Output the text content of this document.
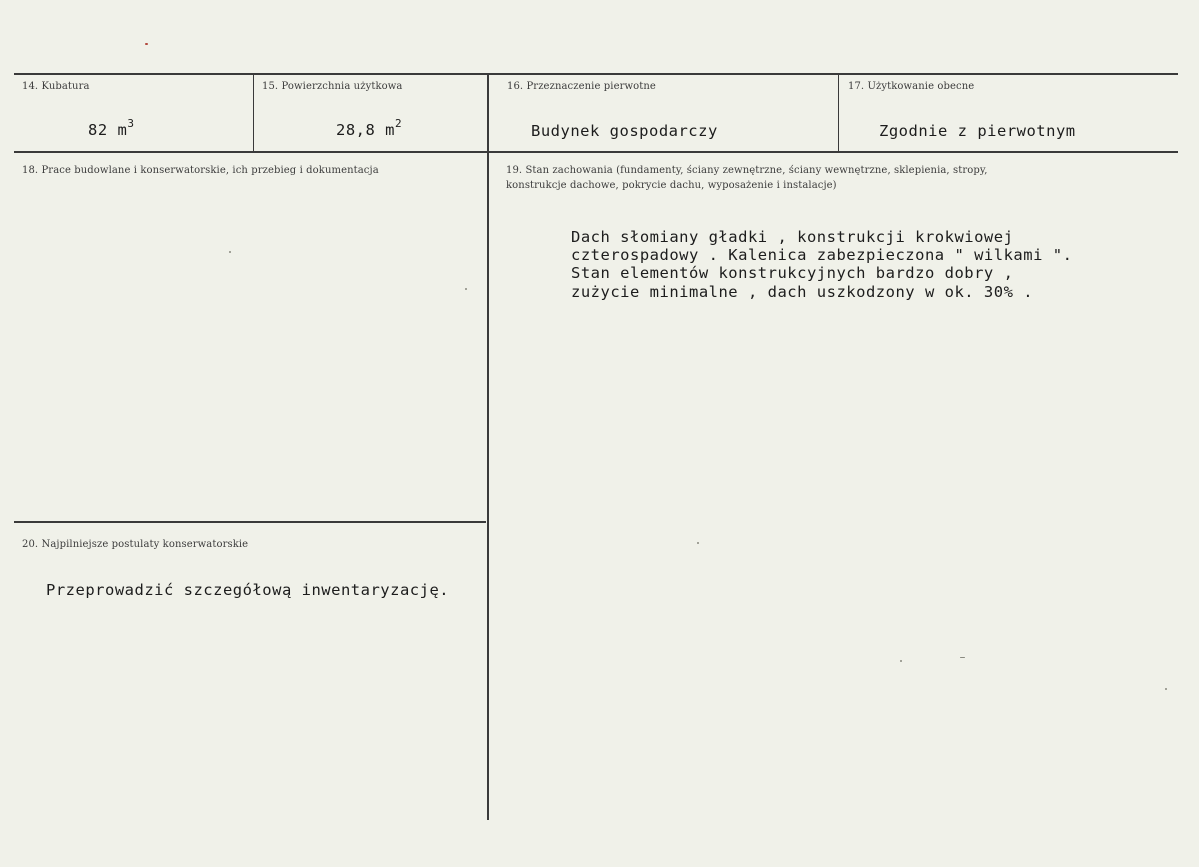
14. Kubatura
82 $m^3$
15. Powierzchnia użytkowa
28,8 $m^2$
16. Przeznaczenie pierwotne
Budynek gospodarczy
17. Użytkowanie obecne
Zgodnie z pierwotnym
18. Prace budowlane i konserwatorskie, ich przebieg i dokumentacja	19. Stan zachowania (fundamenty, ściany zewnętrzne, ściany wewnętrzne, sklepienia, stropy,
konstrukcje dachowe, pokrycie dachu, wyposażenie i instalacje)
Dach słomiany gładki , konstrukcji krokwiowej
czterospadowy . Kalenica zabezpieczona " wilkami ".
Stan elementów konstrukcyjnych bardzo dobry ,
zużycie minimalne , dach uszkodzony w ok. 30% .
20. Najpilniejsze postulaty konserwatorskie
Przeprowadzić szczegółową inwentaryzację.
